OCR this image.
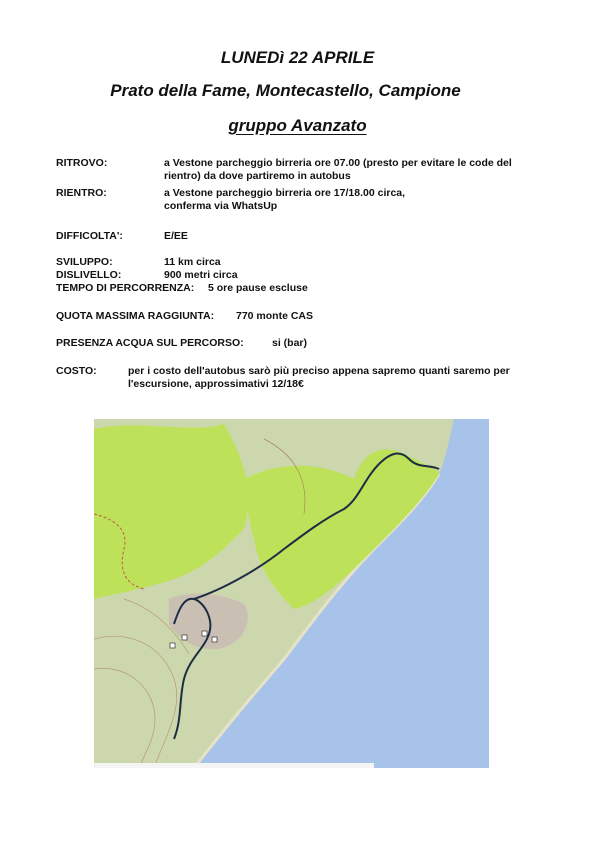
LUNEDì 22 APRILE
Prato della Fame, Montecastello, Campione
gruppo Avanzato
RITROVO:	a Vestone parcheggio birreria ore 07.00 (presto per evitare le code del rientro) da dove partiremo in autobus
RIENTRO:	a Vestone parcheggio birreria ore 17/18.00 circa,
conferma via WhatsUp
DIFFICOLTA':	E/EE
SVILUPPO:	11 km circa
DISLIVELLO:	900 metri circa
TEMPO DI PERCORRENZA: 5 ore pause escluse
QUOTA MASSIMA RAGGIUNTA: 770 monte CAS
PRESENZA ACQUA SUL PERCORSO:	si (bar)
COSTO:	per i costo dell'autobus sarò più preciso appena sapremo quanti saremo per l'escursione, approssimativi 12/18€
